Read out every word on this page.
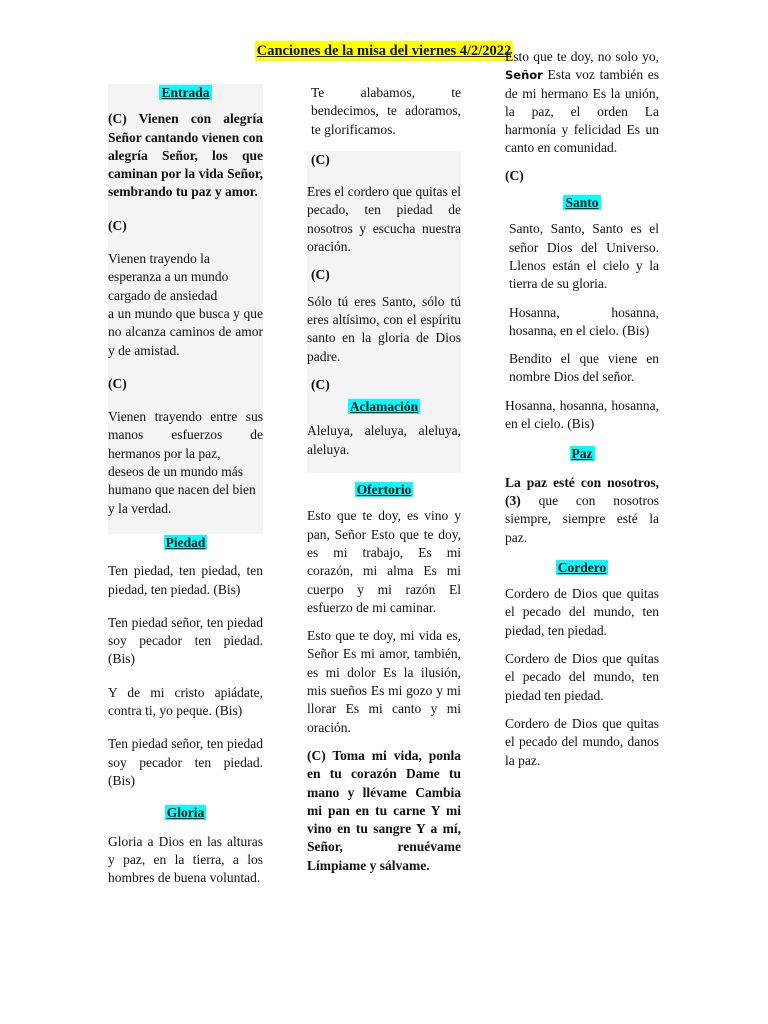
Canciones de la misa del viernes 4/2/2022
Entrada

(C) Vienen con alegría Señor cantando vienen con alegría Señor, los que caminan por la vida Señor, sembrando tu paz y amor.

(C)

Vienen trayendo la esperanza a un mundo cargado de ansiedad

a un mundo que busca y que no alcanza caminos de amor y de amistad.

(C)

Vienen trayendo entre sus manos esfuerzos de hermanos por la paz,

deseos de un mundo más humano que nacen del bien y la verdad.

Piedad

Ten piedad, ten piedad, ten piedad, ten piedad. (Bis)

Ten piedad señor, ten piedad soy pecador ten piedad. (Bis)

Y de mi cristo apiádate, contra ti, yo peque. (Bis)

Ten piedad señor, ten piedad soy pecador ten piedad. (Bis)

Gloria

Gloria a Dios en las alturas y paz, en la tierra, a los hombres de buena voluntad.

Te alabamos, te bendecimos, te adoramos, te glorificamos.

(C)

Eres el cordero que quitas el pecado, ten piedad de nosotros y escucha nuestra oración.

(C)

Sólo tú eres Santo, sólo tú eres altísimo, con el espíritu santo en la gloria de Dios padre.

(C)

Aclamación

Aleluya, aleluya, aleluya, aleluya.

Ofertorio

Esto que te doy, es vino y pan, Señor Esto que te doy, es mi trabajo, Es mi corazón, mi alma Es mi cuerpo y mi razón El esfuerzo de mi caminar.

Esto que te doy, mi vida es, Señor Es mi amor, también, es mi dolor Es la ilusión, mis sueños Es mi gozo y mi llorar Es mi canto y mi oración.

(C) Toma mi vida, ponla en tu corazón Dame tu mano y llévame Cambia mi pan en tu carne Y mi vino en tu sangre Y a mí, Señor, renuévame Límpiame y sálvame.

Esto que te doy, no solo yo, Señor Esta voz también es de mi hermano Es la unión, la paz, el orden La harmonía y felicidad Es un canto en comunidad.

(C)

Santo

Santo, Santo, Santo es el señor Dios del Universo. Llenos están el cielo y la tierra de su gloria.

Hosanna, hosanna, hosanna, en el cielo. (Bis)

Bendito el que viene en nombre Dios del señor.

Hosanna, hosanna, hosanna, en el cielo. (Bis)

Paz

La paz esté con nosotros, (3) que con nosotros siempre, siempre esté la paz.

Cordero

Cordero de Dios que quitas el pecado del mundo, ten piedad, ten piedad.

Cordero de Dios que quitas el pecado del mundo, ten piedad ten piedad.

Cordero de Dios que quitas el pecado del mundo, danos la paz.
